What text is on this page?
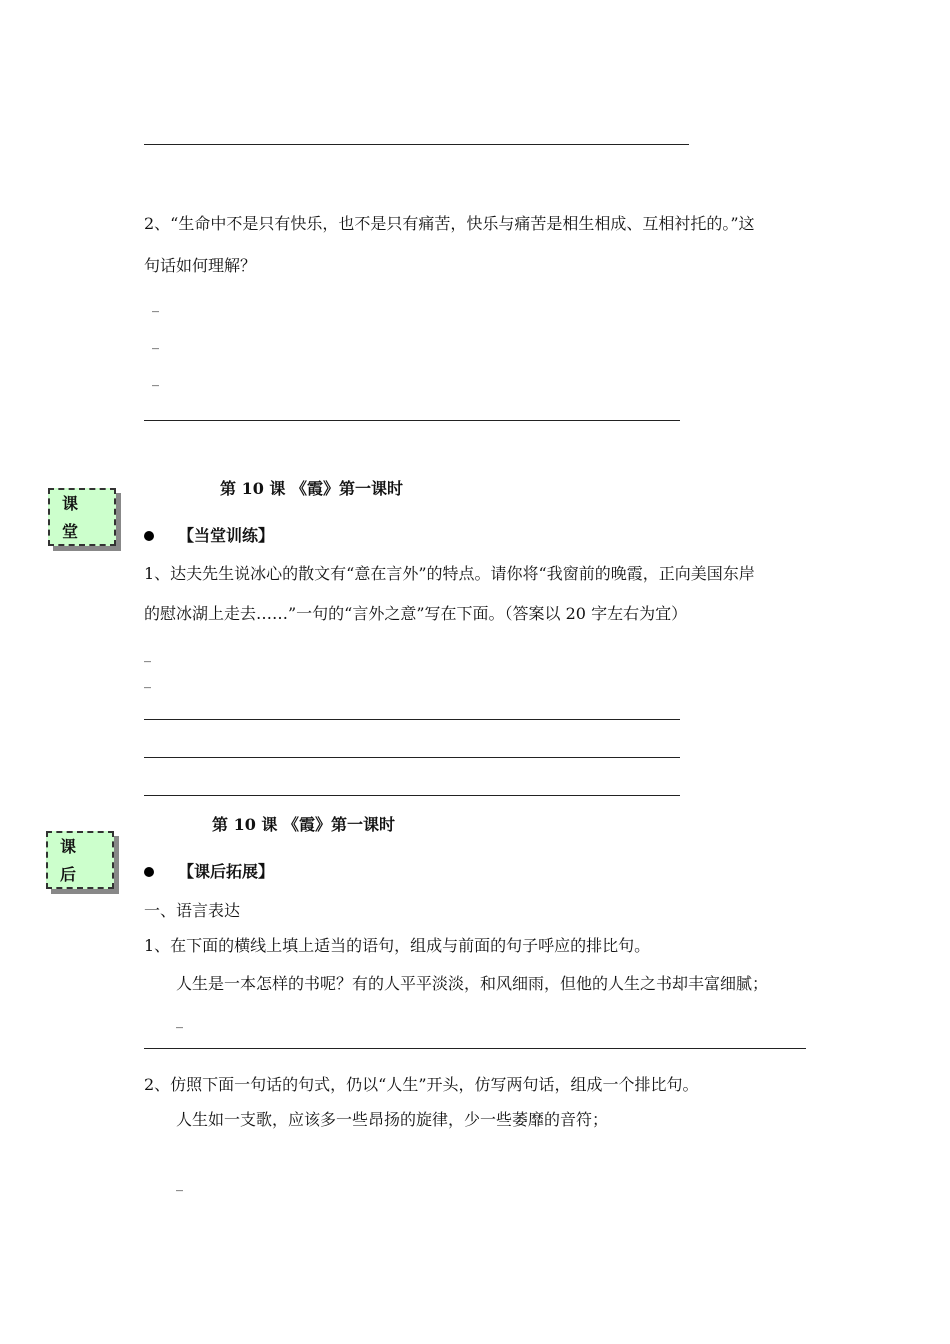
2、“生命中不是只有快乐，也不是只有痛苦，快乐与痛苦是相生相成、互相衬托的。”这
句话如何理解？
_
_
_
课
堂
第 10 课 《霞》第一课时
【当堂训练】
1、达夫先生说冰心的散文有“意在言外”的特点。请你将“我窗前的晚霞，正向美国东岸
的慰冰湖上走去……”一句的“言外之意”写在下面。（答案以 20 字左右为宜）
_
_
课
后
第 10 课 《霞》第一课时
【课后拓展】
一、语言表达
1、在下面的横线上填上适当的语句，组成与前面的句子呼应的排比句。
人生是一本怎样的书呢？有的人平平淡淡，和风细雨，但他的人生之书却丰富细腻；
_
2、仿照下面一句话的句式，仍以“人生”开头，仿写两句话，组成一个排比句。
人生如一支歌，应该多一些昂扬的旋律，少一些萎靡的音符；
_
